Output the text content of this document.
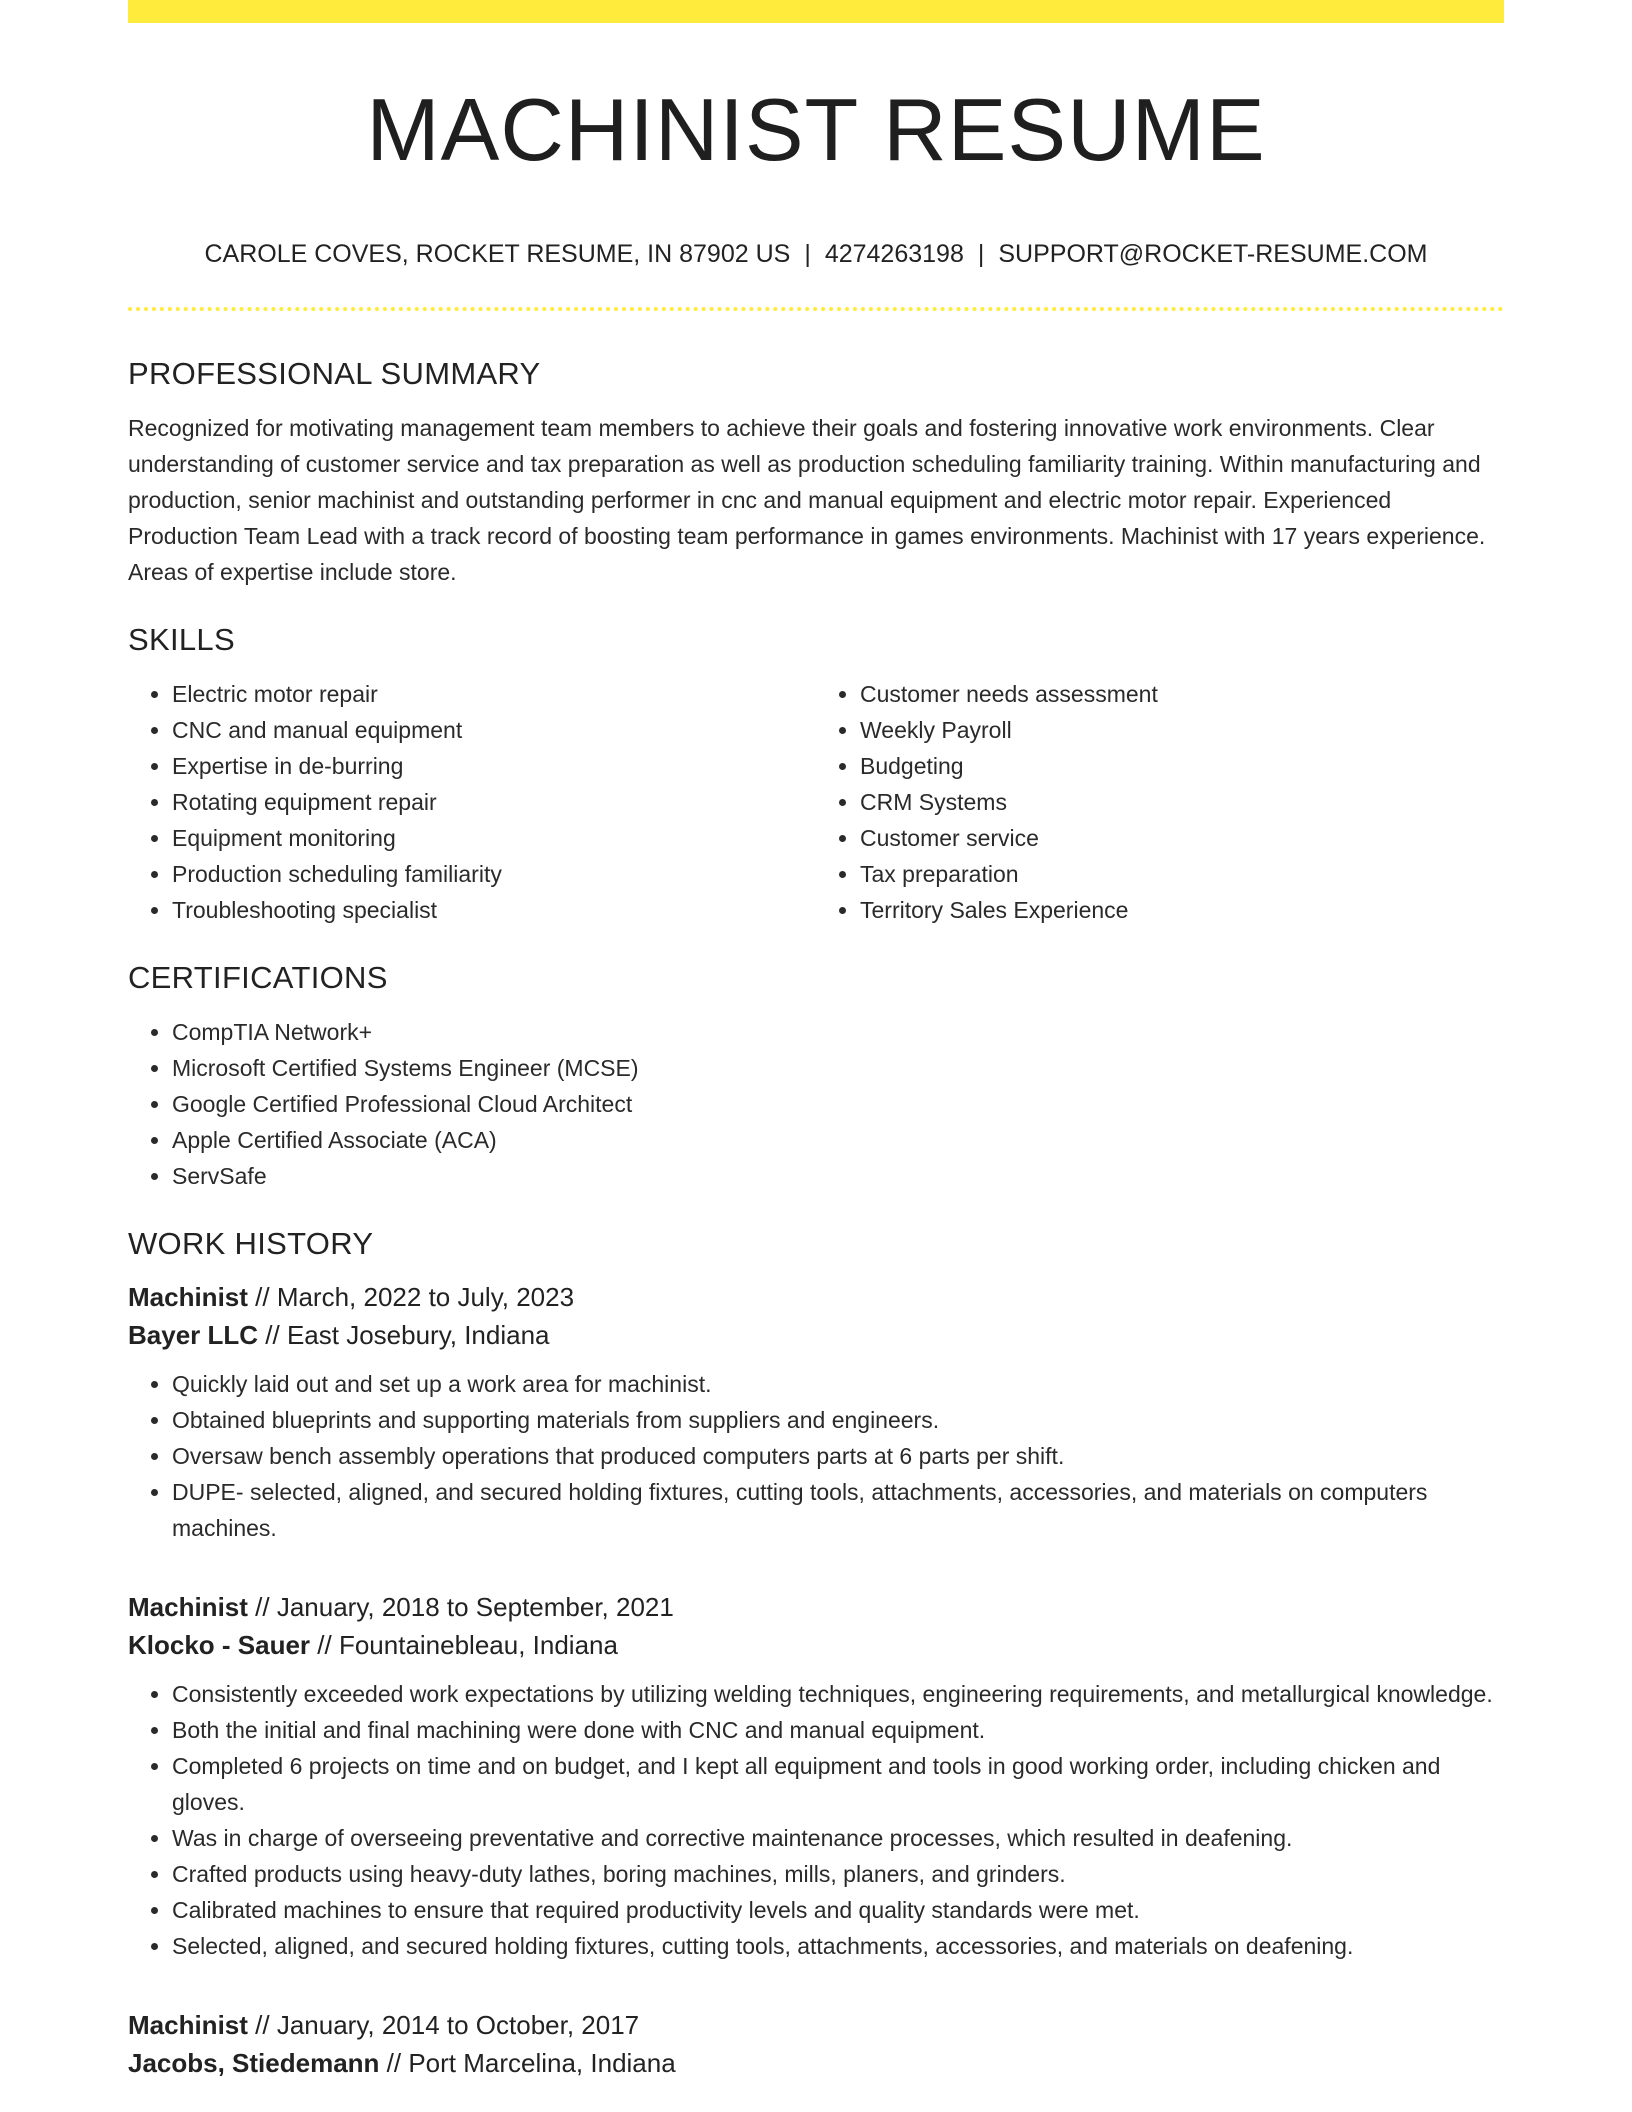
MACHINIST RESUME
CAROLE COVES, ROCKET RESUME, IN 87902 US | 4274263198 | SUPPORT@ROCKET-RESUME.COM
PROFESSIONAL SUMMARY

Recognized for motivating management team members to achieve their goals and fostering innovative work environments. Clear understanding of customer service and tax preparation as well as production scheduling familiarity training. Within manufacturing and production, senior machinist and outstanding performer in cnc and manual equipment and electric motor repair. Experienced Production Team Lead with a track record of boosting team performance in games environments. Machinist with 17 years experience. Areas of expertise include store.

SKILLS
• Electric motor repair
• CNC and manual equipment
• Expertise in de-burring
• Rotating equipment repair
• Equipment monitoring
• Production scheduling familiarity
• Troubleshooting specialist
• Customer needs assessment
• Weekly Payroll
• Budgeting
• CRM Systems
• Customer service
• Tax preparation
• Territory Sales Experience
CERTIFICATIONS
• CompTIA Network+
• Microsoft Certified Systems Engineer (MCSE)
• Google Certified Professional Cloud Architect
• Apple Certified Associate (ACA)
• ServSafe
WORK HISTORY
Machinist // March, 2022 to July, 2023
Bayer LLC // East Josebury, Indiana
• Quickly laid out and set up a work area for machinist.
• Obtained blueprints and supporting materials from suppliers and engineers.
• Oversaw bench assembly operations that produced computers parts at 6 parts per shift.
• DUPE- selected, aligned, and secured holding fixtures, cutting tools, attachments, accessories, and materials on computers machines.
Machinist // January, 2018 to September, 2021
Klocko - Sauer // Fountainebleau, Indiana
• Consistently exceeded work expectations by utilizing welding techniques, engineering requirements, and metallurgical knowledge.
• Both the initial and final machining were done with CNC and manual equipment.
• Completed 6 projects on time and on budget, and I kept all equipment and tools in good working order, including chicken and gloves.
• Was in charge of overseeing preventative and corrective maintenance processes, which resulted in deafening.
• Crafted products using heavy-duty lathes, boring machines, mills, planers, and grinders.
• Calibrated machines to ensure that required productivity levels and quality standards were met.
• Selected, aligned, and secured holding fixtures, cutting tools, attachments, accessories, and materials on deafening.
Machinist // January, 2014 to October, 2017
Jacobs, Stiedemann // Port Marcelina, Indiana
